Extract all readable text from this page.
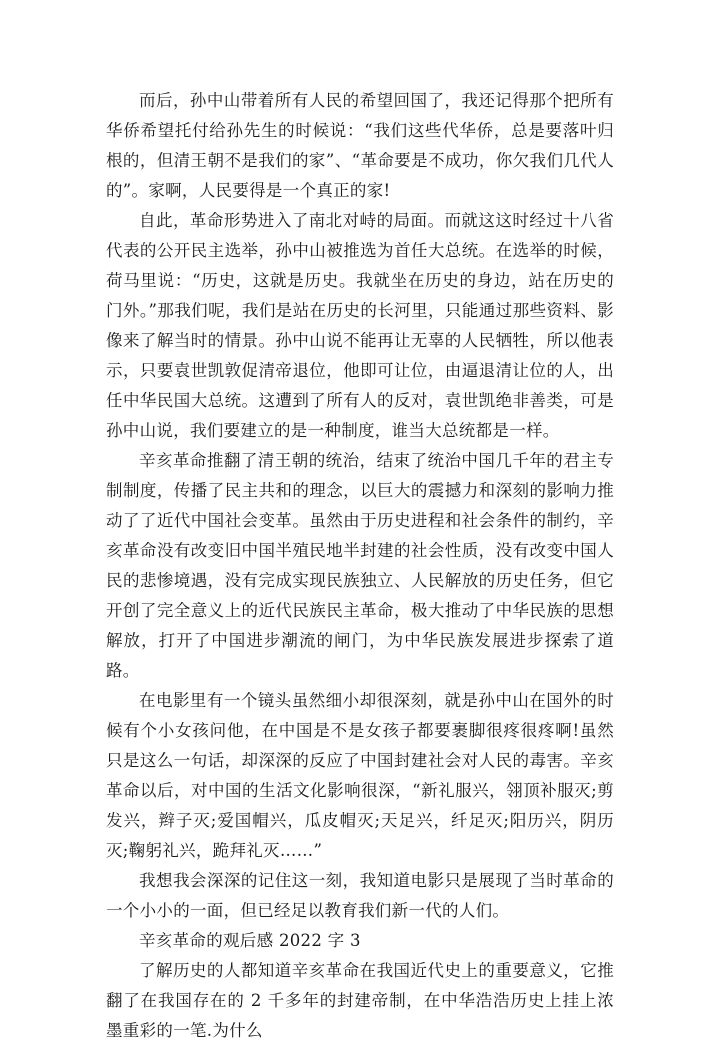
而后，孙中山带着所有人民的希望回国了，我还记得那个把所有华侨希望托付给孙先生的时候说：“我们这些代华侨，总是要落叶归根的，但清王朝不是我们的家”、“革命要是不成功，你欠我们几代人的”。家啊，人民要得是一个真正的家!

自此，革命形势进入了南北对峙的局面。而就这这时经过十八省代表的公开民主选举，孙中山被推选为首任大总统。在选举的时候，荷马里说：“历史，这就是历史。我就坐在历史的身边，站在历史的门外。”那我们呢，我们是站在历史的长河里，只能通过那些资料、影像来了解当时的情景。孙中山说不能再让无辜的人民牺牲，所以他表示，只要袁世凯敦促清帝退位，他即可让位，由逼退清让位的人，出任中华民国大总统。这遭到了所有人的反对，袁世凯绝非善类，可是孙中山说，我们要建立的是一种制度，谁当大总统都是一样。

辛亥革命推翻了清王朝的统治，结束了统治中国几千年的君主专制制度，传播了民主共和的理念，以巨大的震撼力和深刻的影响力推动了了近代中国社会变革。虽然由于历史进程和社会条件的制约，辛亥革命没有改变旧中国半殖民地半封建的社会性质，没有改变中国人民的悲惨境遇，没有完成实现民族独立、人民解放的历史任务，但它开创了完全意义上的近代民族民主革命，极大推动了中华民族的思想解放，打开了中国进步潮流的闸门，为中华民族发展进步探索了道路。

在电影里有一个镜头虽然细小却很深刻，就是孙中山在国外的时候有个小女孩问他，在中国是不是女孩子都要裹脚很疼很疼啊!虽然只是这么一句话，却深深的反应了中国封建社会对人民的毒害。辛亥革命以后，对中国的生活文化影响很深，“新礼服兴，翎顶补服灭;剪发兴，辫子灭;爱国帽兴，瓜皮帽灭;天足兴，纤足灭;阳历兴，阴历灭;鞠躬礼兴，跪拜礼灭……”

我想我会深深的记住这一刻，我知道电影只是展现了当时革命的一个小小的一面，但已经足以教育我们新一代的人们。

辛亥革命的观后感 2022 字 3

了解历史的人都知道辛亥革命在我国近代史上的重要意义，它推翻了在我国存在的 2 千多年的封建帝制，在中华浩浩历史上挂上浓墨重彩的一笔.为什么
